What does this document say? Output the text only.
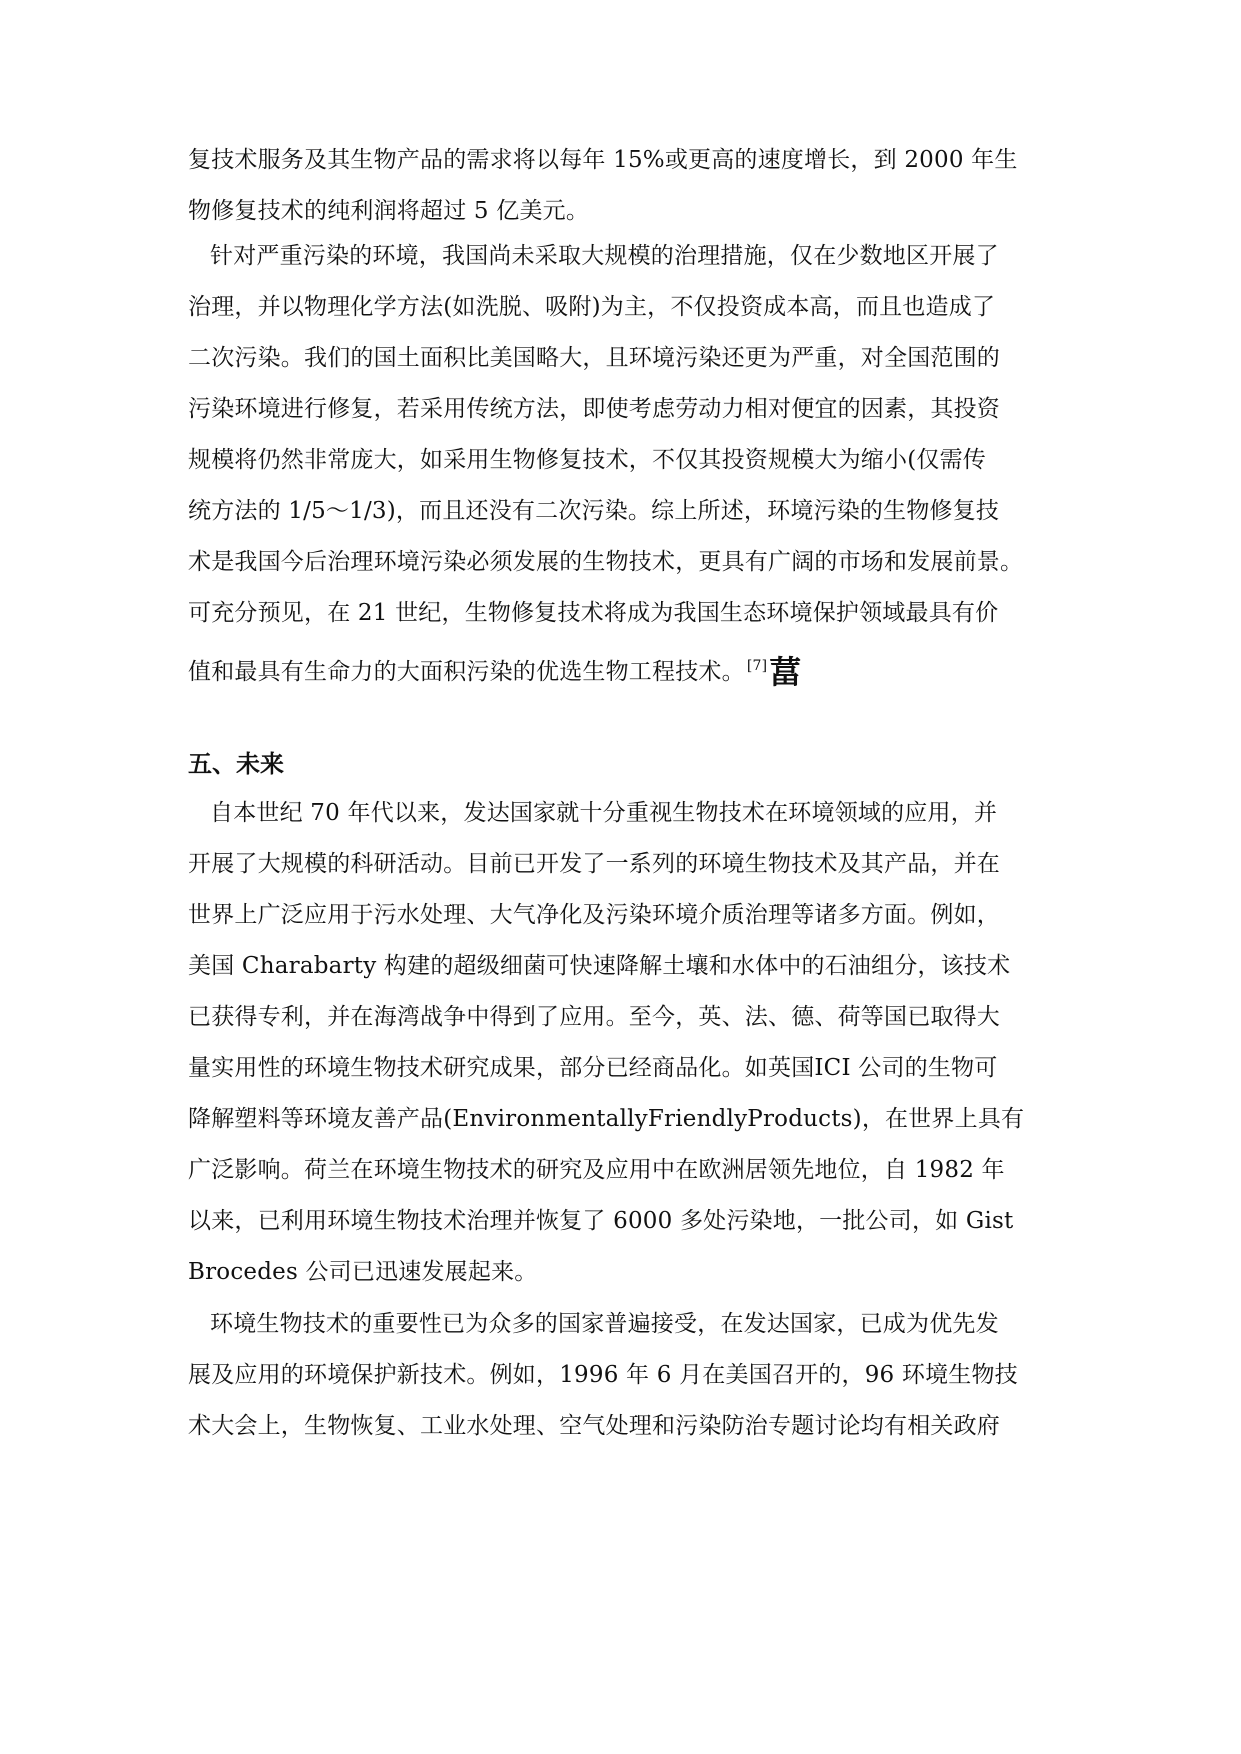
复技术服务及其生物产品的需求将以每年 15%或更高的速度增长，到 2000 年生
物修复技术的纯利润将超过 5 亿美元。
针对严重污染的环境，我国尚未采取大规模的治理措施，仅在少数地区开展了
治理，并以物理化学方法(如洗脱、吸附)为主，不仅投资成本高，而且也造成了
二次污染。我们的国土面积比美国略大，且环境污染还更为严重，对全国范围的
污染环境进行修复，若采用传统方法，即使考虑劳动力相对便宜的因素，其投资
规模将仍然非常庞大，如采用生物修复技术，不仅其投资规模大为缩小(仅需传
统方法的 1/5～1/3)，而且还没有二次污染。综上所述，环境污染的生物修复技
术是我国今后治理环境污染必须发展的生物技术，更具有广阔的市场和发展前景。
可充分预见，在 21 世纪，生物修复技术将成为我国生态环境保护领域最具有价
值和最具有生命力的大面积污染的优选生物工程技术。 [7]葍
五、未来
自本世纪 70 年代以来，发达国家就十分重视生物技术在环境领域的应用，并
开展了大规模的科研活动。目前已开发了一系列的环境生物技术及其产品，并在
世界上广泛应用于污水处理、大气净化及污染环境介质治理等诸多方面。例如，
美国 Charabarty 构建的超级细菌可快速降解土壤和水体中的石油组分，该技术
已获得专利，并在海湾战争中得到了应用。至今，英、法、德、荷等国已取得大
量实用性的环境生物技术研究成果，部分已经商品化。如英国ICI 公司的生物可
降解塑料等环境友善产品(EnvironmentallyFriendlyProducts)，在世界上具有
广泛影响。荷兰在环境生物技术的研究及应用中在欧洲居领先地位，自 1982 年
以来，已利用环境生物技术治理并恢复了 6000 多处污染地，一批公司，如 Gist
Brocedes 公司已迅速发展起来。
环境生物技术的重要性已为众多的国家普遍接受，在发达国家，已成为优先发
展及应用的环境保护新技术。例如，1996 年 6 月在美国召开的，96 环境生物技
术大会上，生物恢复、工业水处理、空气处理和污染防治专题讨论均有相关政府
